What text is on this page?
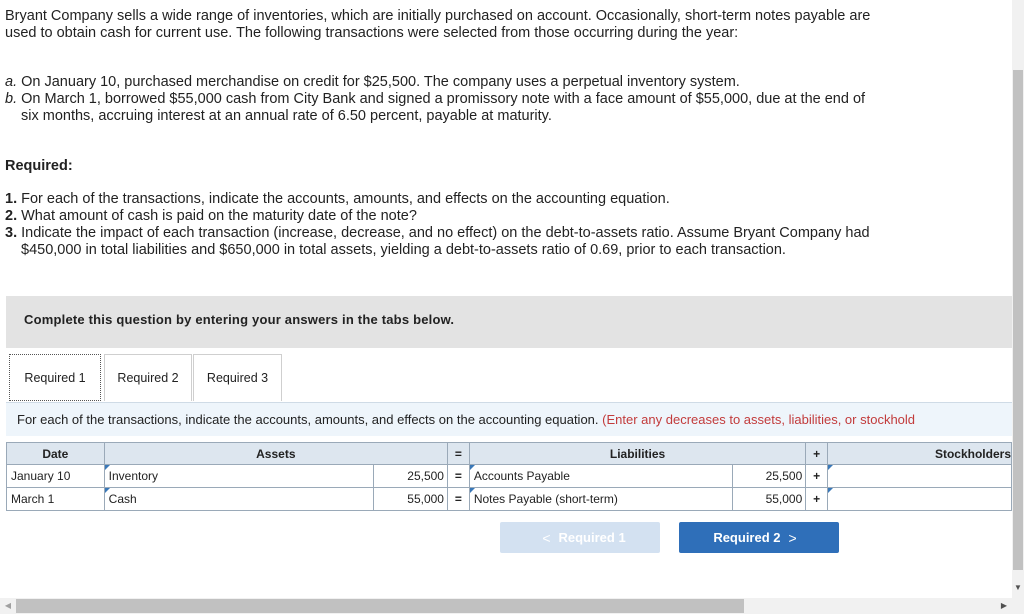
Bryant Company sells a wide range of inventories, which are initially purchased on account. Occasionally, short-term notes payable are
used to obtain cash for current use. The following transactions were selected from those occurring during the year:
a. On January 10, purchased merchandise on credit for $25,500. The company uses a perpetual inventory system.
b. On March 1, borrowed $55,000 cash from City Bank and signed a promissory note with a face amount of $55,000, due at the end of
six months, accruing interest at an annual rate of 6.50 percent, payable at maturity.
Required:
1. For each of the transactions, indicate the accounts, amounts, and effects on the accounting equation.
2. What amount of cash is paid on the maturity date of the note?
3. Indicate the impact of each transaction (increase, decrease, and no effect) on the debt-to-assets ratio. Assume Bryant Company had
$450,000 in total liabilities and $650,000 in total assets, yielding a debt-to-assets ratio of 0.69, prior to each transaction.
Complete this question by entering your answers in the tabs below.
Required 1	Required 2	Required 3
For each of the transactions, indicate the accounts, amounts, and effects on the accounting equation. (Enter any decreases to assets, liabilities, or stockhold
Date	Assets		=	Liabilities		+	Stockholders
January 10	Inventory	25,500	=	Accounts Payable	25,500	+	
March 1	Cash	55,000	=	Notes Payable (short-term)	55,000	+	
< Required 1	Required 2 >
▼
◀	▶
